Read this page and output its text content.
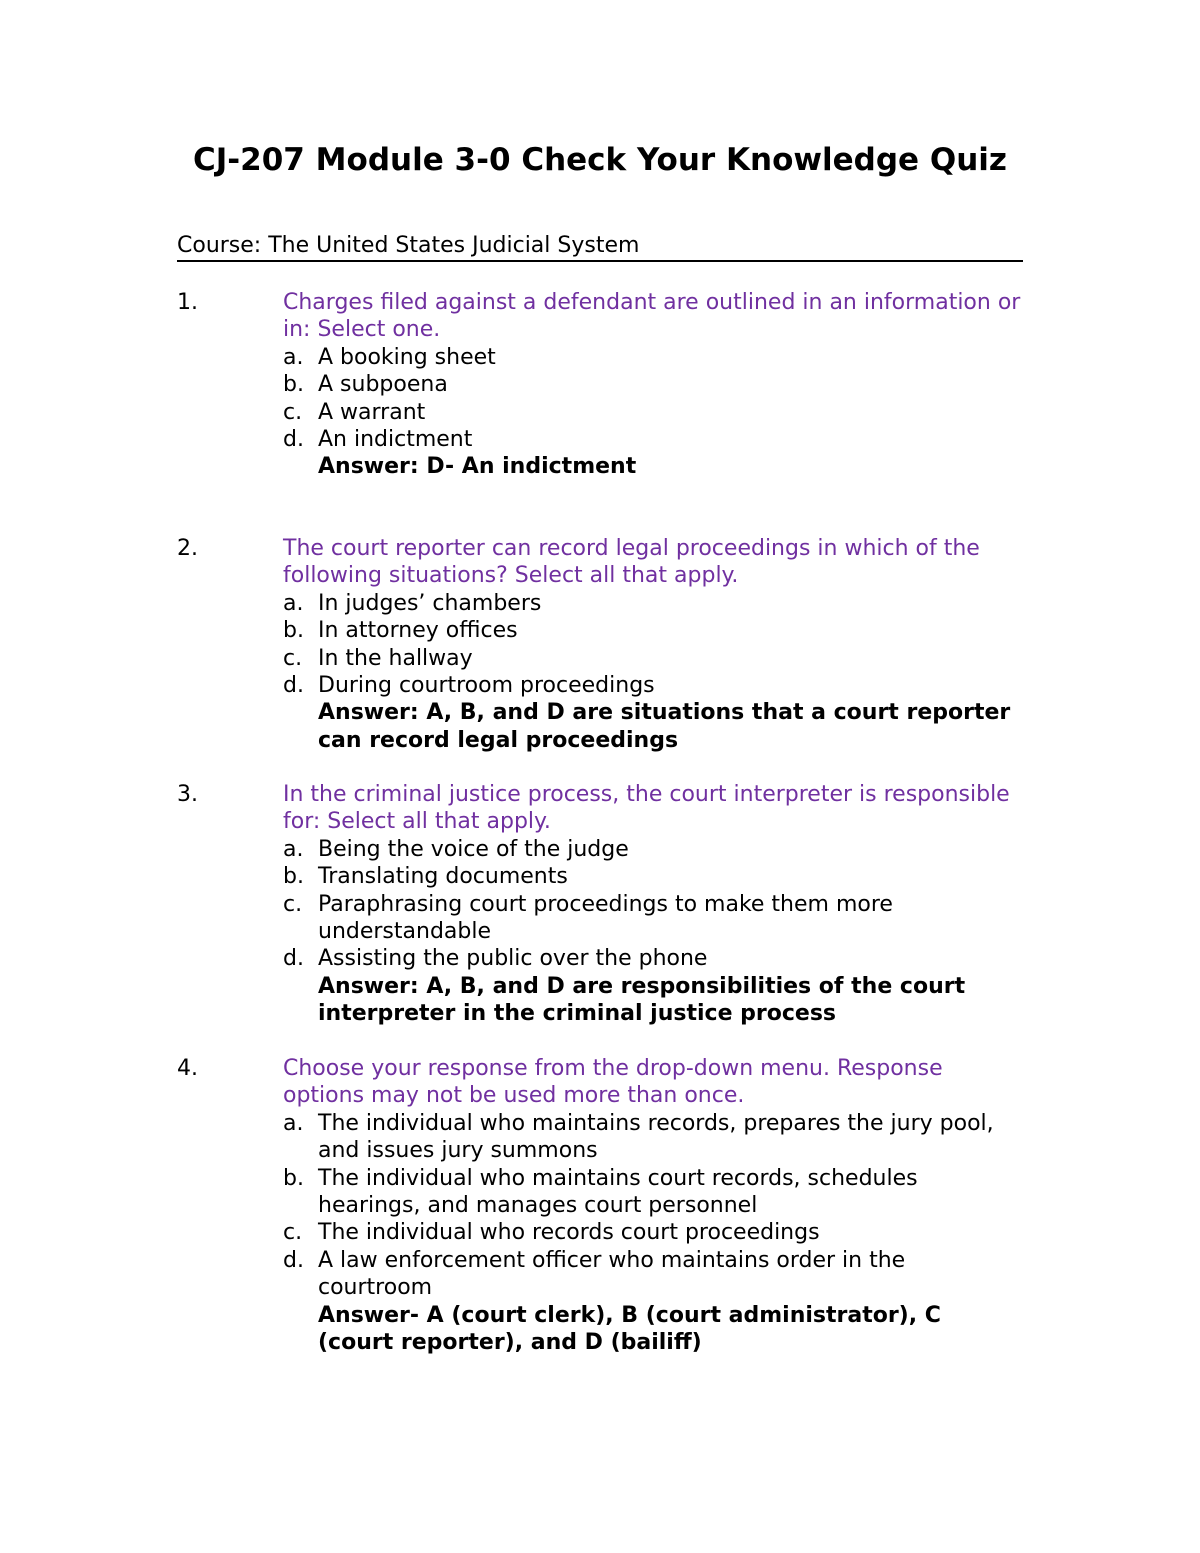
CJ-207 Module 3-0 Check Your Knowledge Quiz
Course: The United States Judicial System
1.	Charges filed against a defendant are outlined in an information or in: Select one.
a. A booking sheet
b. A subpoena
c. A warrant
d. An indictment
Answer: D- An indictment
2.	The court reporter can record legal proceedings in which of the following situations? Select all that apply.
a. In judges’ chambers
b. In attorney offices
c. In the hallway
d. During courtroom proceedings
Answer: A, B, and D are situations that a court reporter can record legal proceedings
3.	In the criminal justice process, the court interpreter is responsible for: Select all that apply.
a. Being the voice of the judge
b. Translating documents
c. Paraphrasing court proceedings to make them more understandable
d. Assisting the public over the phone
Answer: A, B, and D are responsibilities of the court interpreter in the criminal justice process
4.	Choose your response from the drop-down menu. Response options may not be used more than once.
a. The individual who maintains records, prepares the jury pool, and issues jury summons
b. The individual who maintains court records, schedules hearings, and manages court personnel
c. The individual who records court proceedings
d. A law enforcement officer who maintains order in the courtroom
Answer- A (court clerk), B (court administrator), C (court reporter), and D (bailiff)
